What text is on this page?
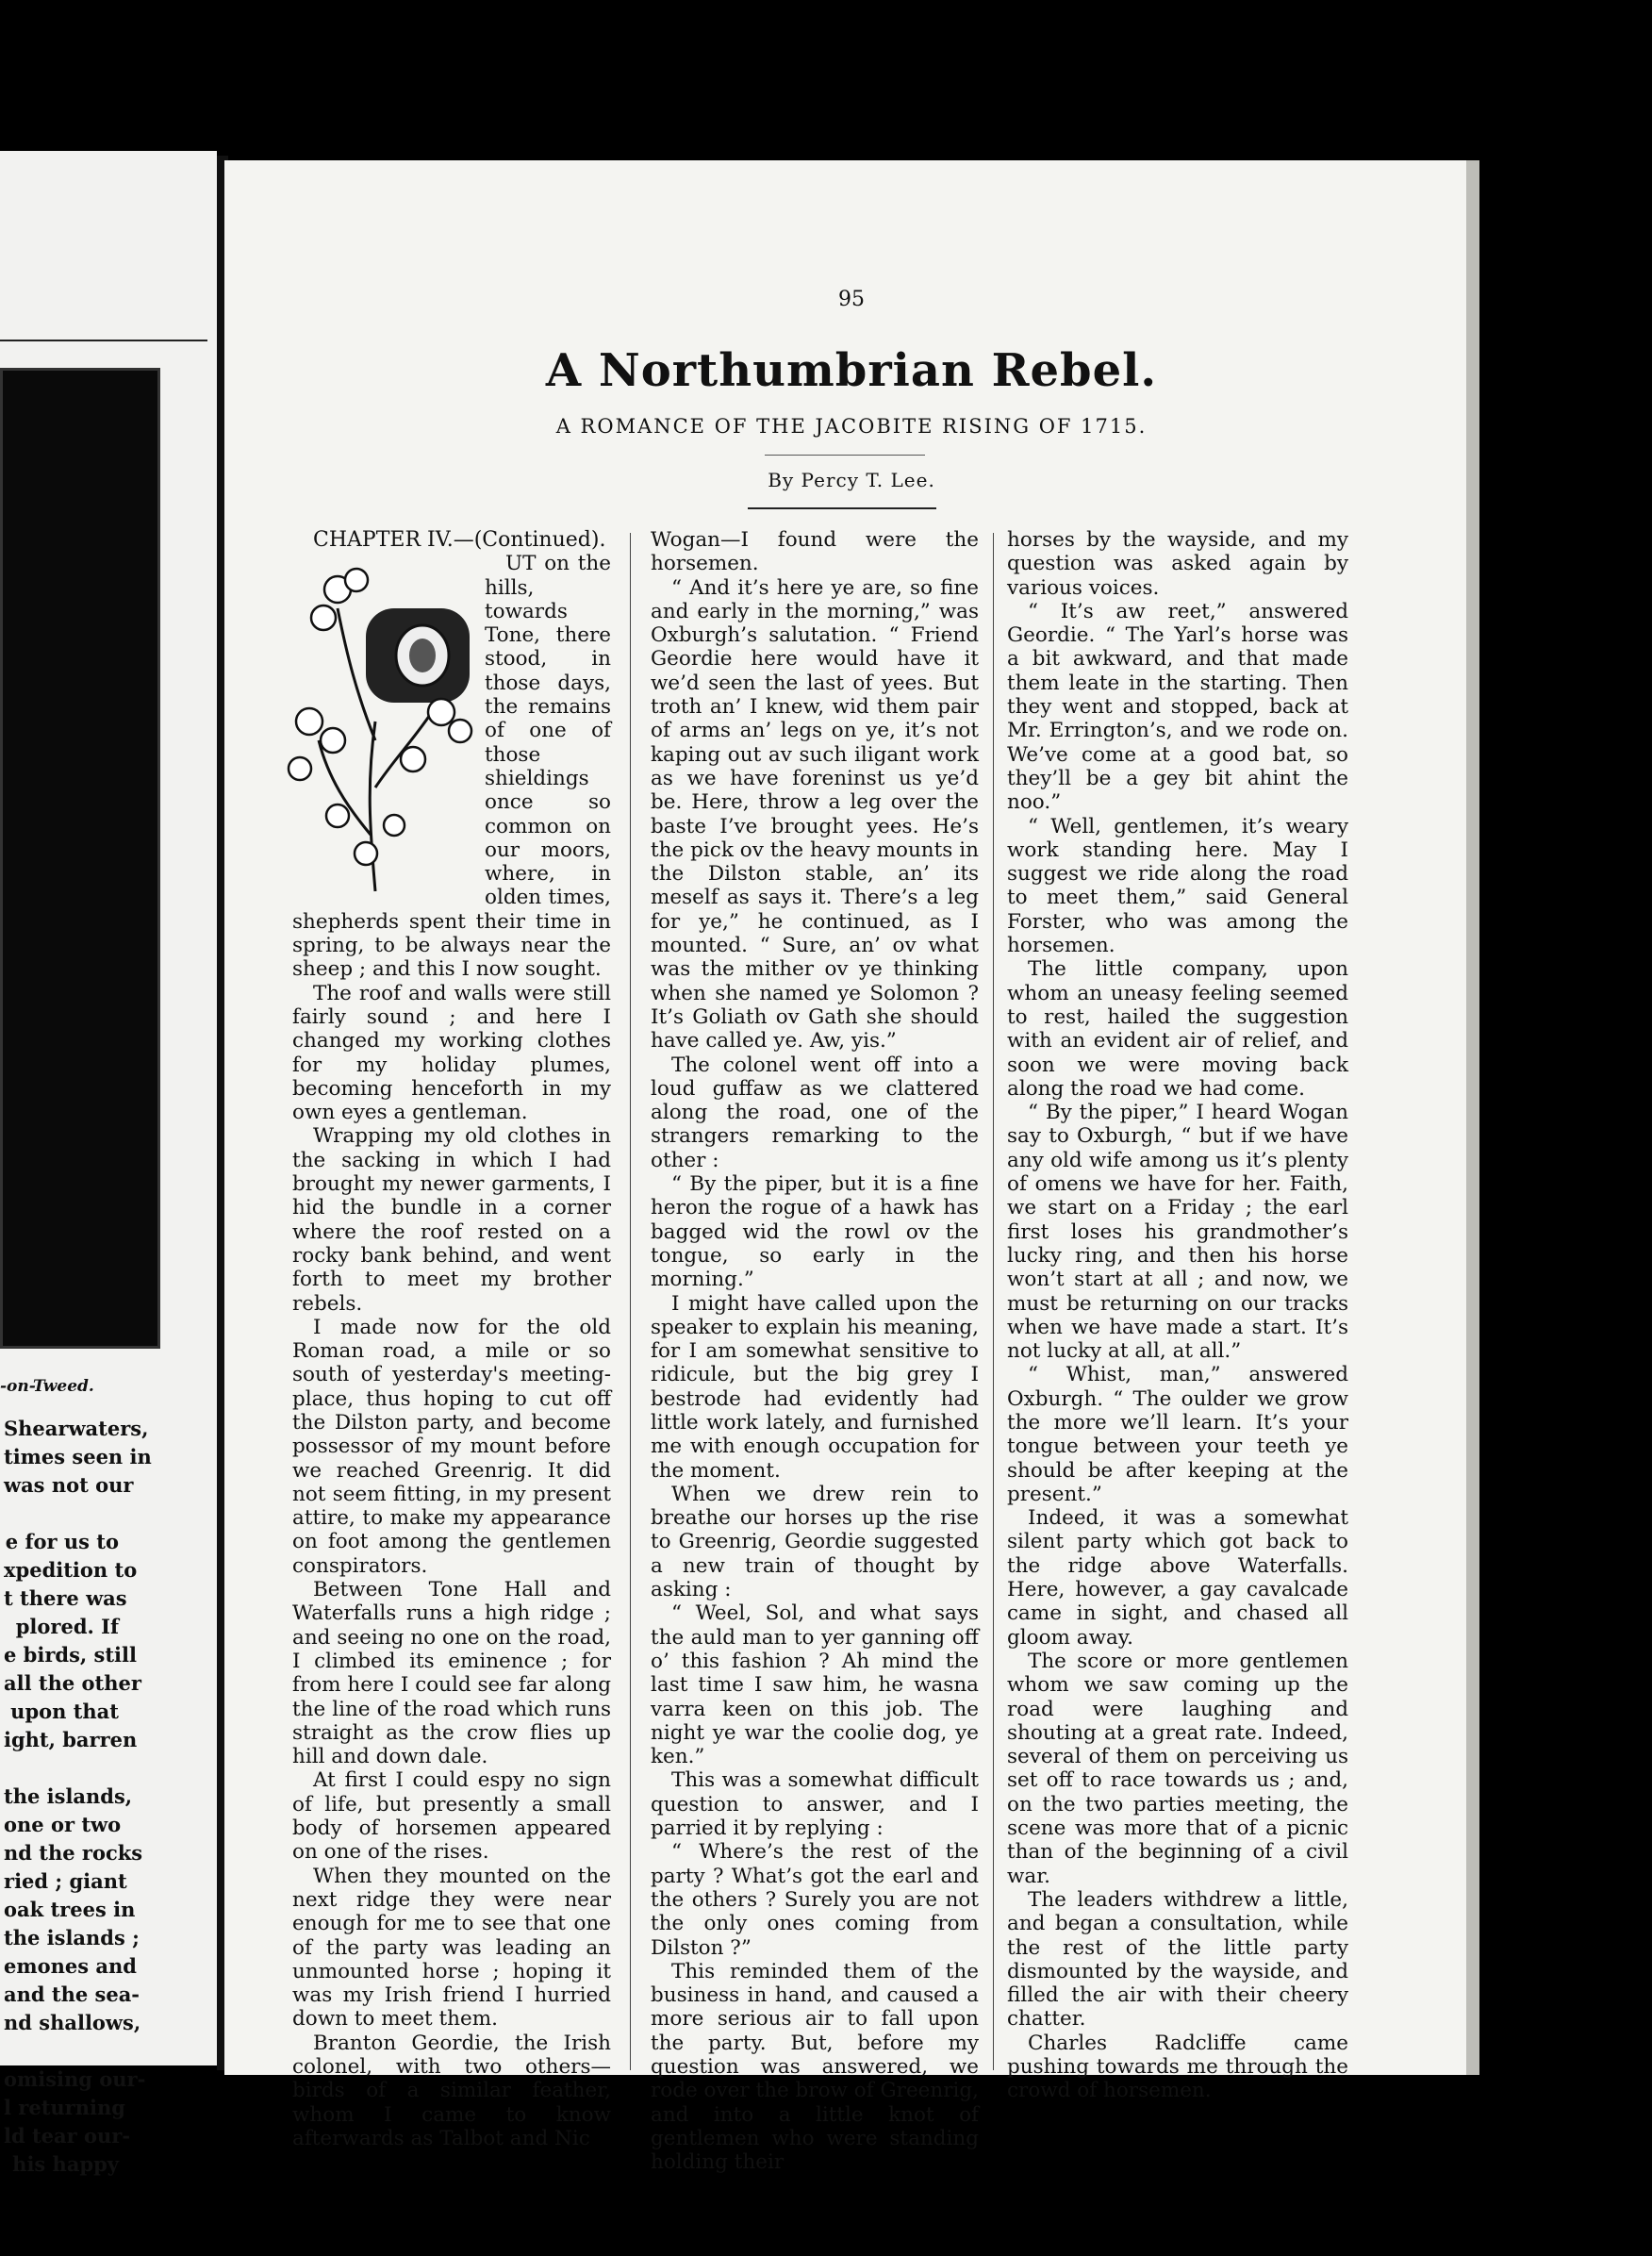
-on-Tweed.
Shearwaters,
times seen in
was not our

e for us to
xpedition to
t there was
plored. If
e birds, still
all the other
upon that
ight, barren

the islands,
one or two
nd the rocks
ried ; giant
oak trees in
the islands ;
emones and
and the sea-
nd shallows,

omising our-
l returning
ld tear our-
his happy
95
A Northumbrian Rebel.
A ROMANCE OF THE JACOBITE RISING OF 1715.
By Percy T. Lee.

CHAPTER IV.—(Continued).

UT on the hills, towards Tone, there stood, in those days, the remains of one of those shieldings once so common on our moors, where, in olden times, shepherds spent their time in spring, to be always near the sheep ; and this I now sought.

The roof and walls were still fairly sound ; and here I changed my working clothes for my holiday plumes, becoming henceforth in my own eyes a gentleman.

Wrapping my old clothes in the sacking in which I had brought my newer garments, I hid the bundle in a corner where the roof rested on a rocky bank behind, and went forth to meet my brother rebels.

I made now for the old Roman road, a mile or so south of yesterday's meeting-place, thus hoping to cut off the Dilston party, and become possessor of my mount before we reached Greenrig. It did not seem fitting, in my present attire, to make my appearance on foot among the gentlemen conspirators.

Between Tone Hall and Waterfalls runs a high ridge ; and seeing no one on the road, I climbed its eminence ; for from here I could see far along the line of the road which runs straight as the crow flies up hill and down dale.

At first I could espy no sign of life, but presently a small body of horsemen appeared on one of the rises.

When they mounted on the next ridge they were near enough for me to see that one of the party was leading an unmounted horse ; hoping it was my Irish friend I hurried down to meet them.

Branton Geordie, the Irish colonel, with two others—birds of a similar feather, whom I came to know afterwards as Talbot and Nic

Wogan—I found were the horsemen.

“ And it’s here ye are, so fine and early in the morning,” was Oxburgh’s salutation. “ Friend Geordie here would have it we’d seen the last of yees. But troth an’ I knew, wid them pair of arms an’ legs on ye, it’s not kaping out av such iligant work as we have foreninst us ye’d be. Here, throw a leg over the baste I’ve brought yees. He’s the pick ov the heavy mounts in the Dilston stable, an’ its meself as says it. There’s a leg for ye,” he continued, as I mounted. “ Sure, an’ ov what was the mither ov ye thinking when she named ye Solomon ? It’s Goliath ov Gath she should have called ye. Aw, yis.”

The colonel went off into a loud guffaw as we clattered along the road, one of the strangers remarking to the other :

“ By the piper, but it is a fine heron the rogue of a hawk has bagged wid the rowl ov the tongue, so early in the morning.”

I might have called upon the speaker to explain his meaning, for I am somewhat sensitive to ridicule, but the big grey I bestrode had evidently had little work lately, and furnished me with enough occupation for the moment.

When we drew rein to breathe our horses up the rise to Greenrig, Geordie suggested a new train of thought by asking :

“ Weel, Sol, and what says the auld man to yer ganning off o’ this fashion ? Ah mind the last time I saw him, he wasna varra keen on this job. The night ye war the coolie dog, ye ken.”

This was a somewhat difficult question to answer, and I parried it by replying :

“ Where’s the rest of the party ? What’s got the earl and the others ? Surely you are not the only ones coming from Dilston ?”

This reminded them of the business in hand, and caused a more serious air to fall upon the party. But, before my question was answered, we rode over the brow of Greenrig, and into a little knot of gentlemen who were standing holding their

horses by the wayside, and my question was asked again by various voices.

“ It’s aw reet,” answered Geordie. “ The Yarl’s horse was a bit awkward, and that made them leate in the starting. Then they went and stopped, back at Mr. Errington’s, and we rode on. We’ve come at a good bat, so they’ll be a gey bit ahint the noo.”

“ Well, gentlemen, it’s weary work standing here. May I suggest we ride along the road to meet them,” said General Forster, who was among the horsemen.

The little company, upon whom an uneasy feeling seemed to rest, hailed the suggestion with an evident air of relief, and soon we were moving back along the road we had come.

“ By the piper,” I heard Wogan say to Oxburgh, “ but if we have any old wife among us it’s plenty of omens we have for her. Faith, we start on a Friday ; the earl first loses his grandmother’s lucky ring, and then his horse won’t start at all ; and now, we must be returning on our tracks when we have made a start. It’s not lucky at all, at all.”

“ Whist, man,” answered Oxburgh. “ The oulder we grow the more we’ll learn. It’s your tongue between your teeth ye should be after keeping at the present.”

Indeed, it was a somewhat silent party which got back to the ridge above Waterfalls. Here, however, a gay cavalcade came in sight, and chased all gloom away.

The score or more gentlemen whom we saw coming up the road were laughing and shouting at a great rate. Indeed, several of them on perceiving us set off to race towards us ; and, on the two parties meeting, the scene was more that of a picnic than of the beginning of a civil war.

The leaders withdrew a little, and began a consultation, while the rest of the little party dismounted by the wayside, and filled the air with their cheery chatter.

Charles Radcliffe came pushing towards me through the crowd of horsemen.
